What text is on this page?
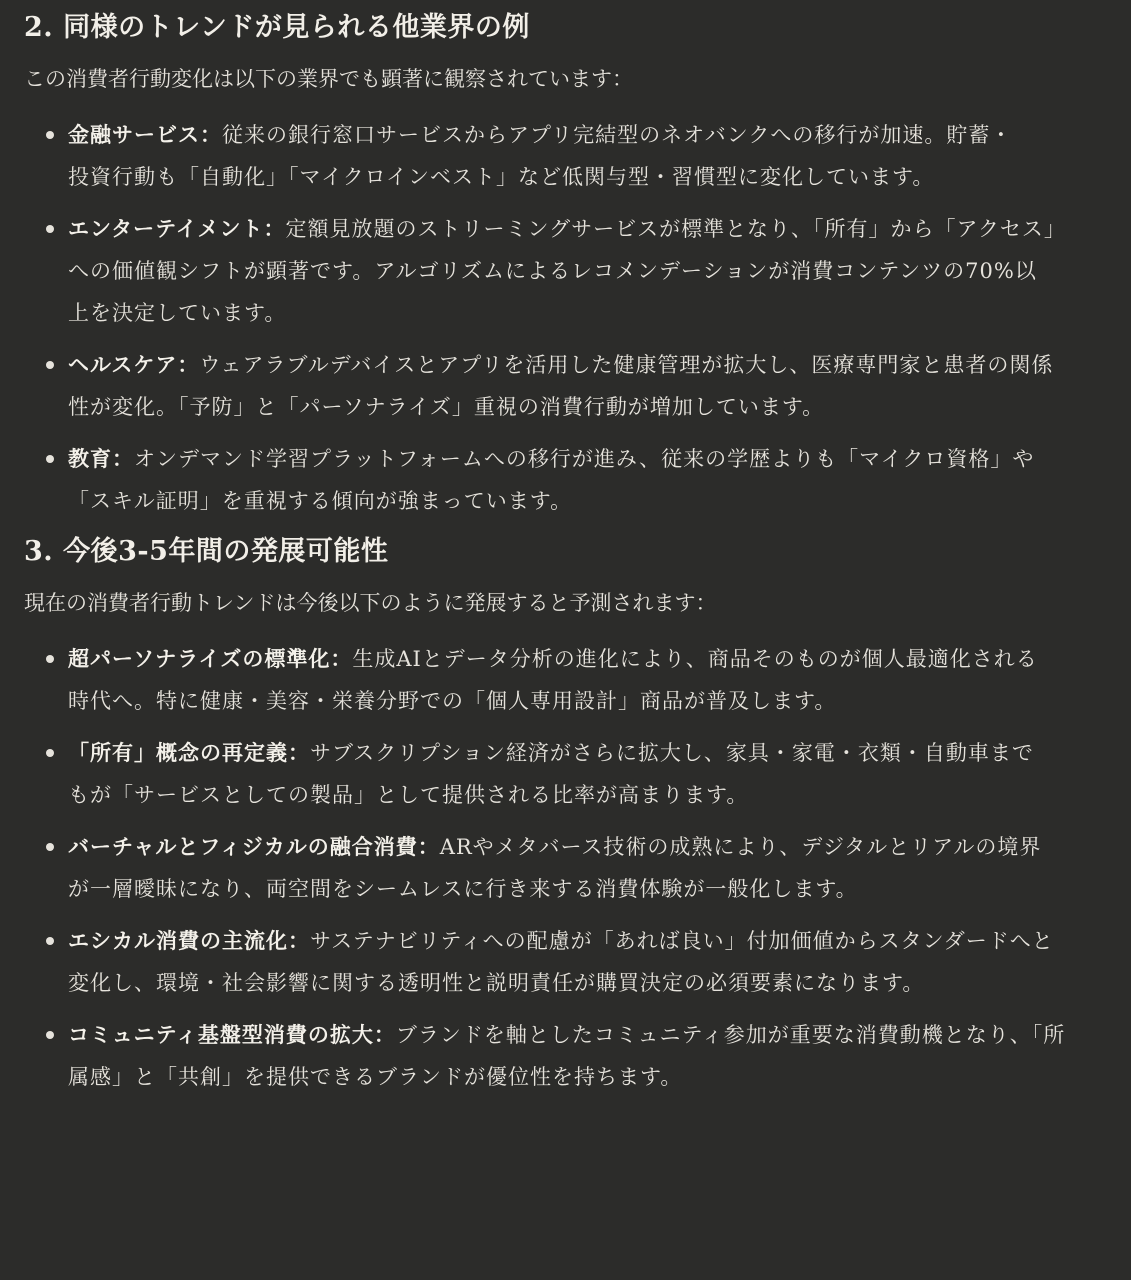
2. 同様のトレンドが見られる他業界の例

この消費者行動変化は以下の業界でも顕著に観察されています：

金融サービス：従来の銀行窓口サービスからアプリ完結型のネオバンクへの移行が加速。貯蓄・投資行動も「自動化」「マイクロインベスト」など低関与型・習慣型に変化しています。
エンターテイメント：定額見放題のストリーミングサービスが標準となり、「所有」から「アクセス」への価値観シフトが顕著です。アルゴリズムによるレコメンデーションが消費コンテンツの70%以上を決定しています。
ヘルスケア：ウェアラブルデバイスとアプリを活用した健康管理が拡大し、医療専門家と患者の関係性が変化。「予防」と「パーソナライズ」重視の消費行動が増加しています。
教育：オンデマンド学習プラットフォームへの移行が進み、従来の学歴よりも「マイクロ資格」や「スキル証明」を重視する傾向が強まっています。
3. 今後3-5年間の発展可能性

現在の消費者行動トレンドは今後以下のように発展すると予測されます：

超パーソナライズの標準化：生成AIとデータ分析の進化により、商品そのものが個人最適化される時代へ。特に健康・美容・栄養分野での「個人専用設計」商品が普及します。
「所有」概念の再定義：サブスクリプション経済がさらに拡大し、家具・家電・衣類・自動車までもが「サービスとしての製品」として提供される比率が高まります。
バーチャルとフィジカルの融合消費：ARやメタバース技術の成熟により、デジタルとリアルの境界が一層曖昧になり、両空間をシームレスに行き来する消費体験が一般化します。
エシカル消費の主流化：サステナビリティへの配慮が「あれば良い」付加価値からスタンダードへと変化し、環境・社会影響に関する透明性と説明責任が購買決定の必須要素になります。
コミュニティ基盤型消費の拡大：ブランドを軸としたコミュニティ参加が重要な消費動機となり、「所属感」と「共創」を提供できるブランドが優位性を持ちます。
